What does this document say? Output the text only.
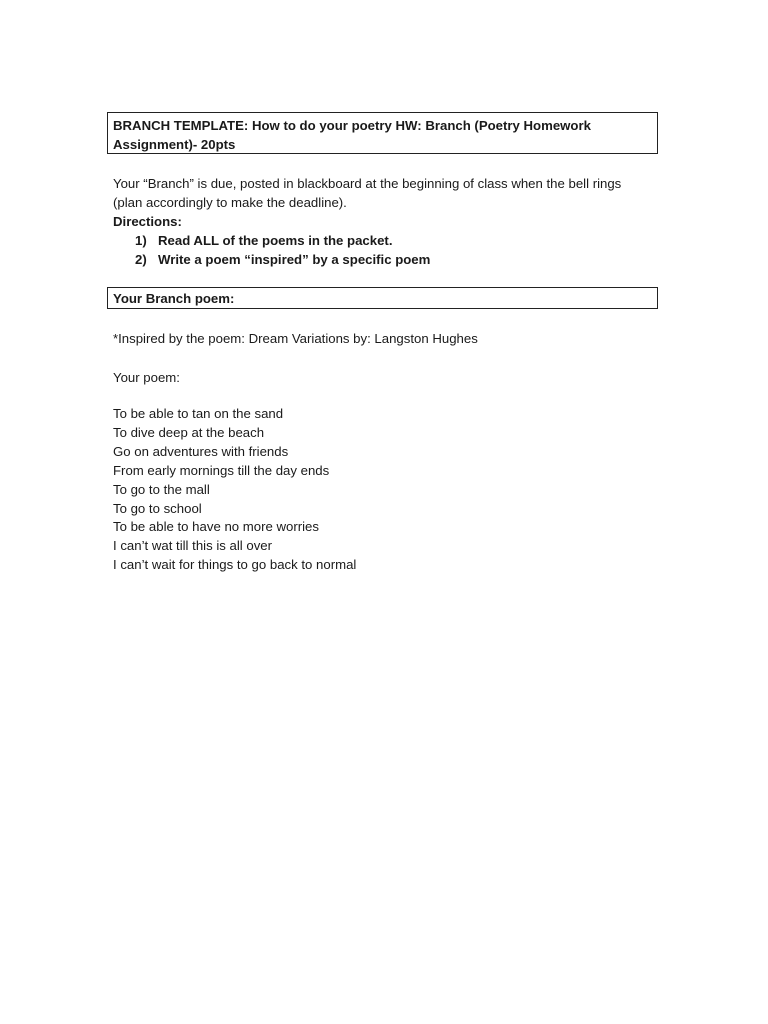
BRANCH TEMPLATE: How to do your poetry HW: Branch (Poetry Homework
Assignment)- 20pts
Your “Branch” is due, posted in blackboard at the beginning of class when the bell rings
(plan accordingly to make the deadline).
Directions:
1) Read ALL of the poems in the packet.
2) Write a poem “inspired” by a specific poem
Your Branch poem:
*Inspired by the poem: Dream Variations by: Langston Hughes
Your poem:
To be able to tan on the sand
To dive deep at the beach
Go on adventures with friends
From early mornings till the day ends
To go to the mall
To go to school
To be able to have no more worries
I can’t wat till this is all over
I can’t wait for things to go back to normal
